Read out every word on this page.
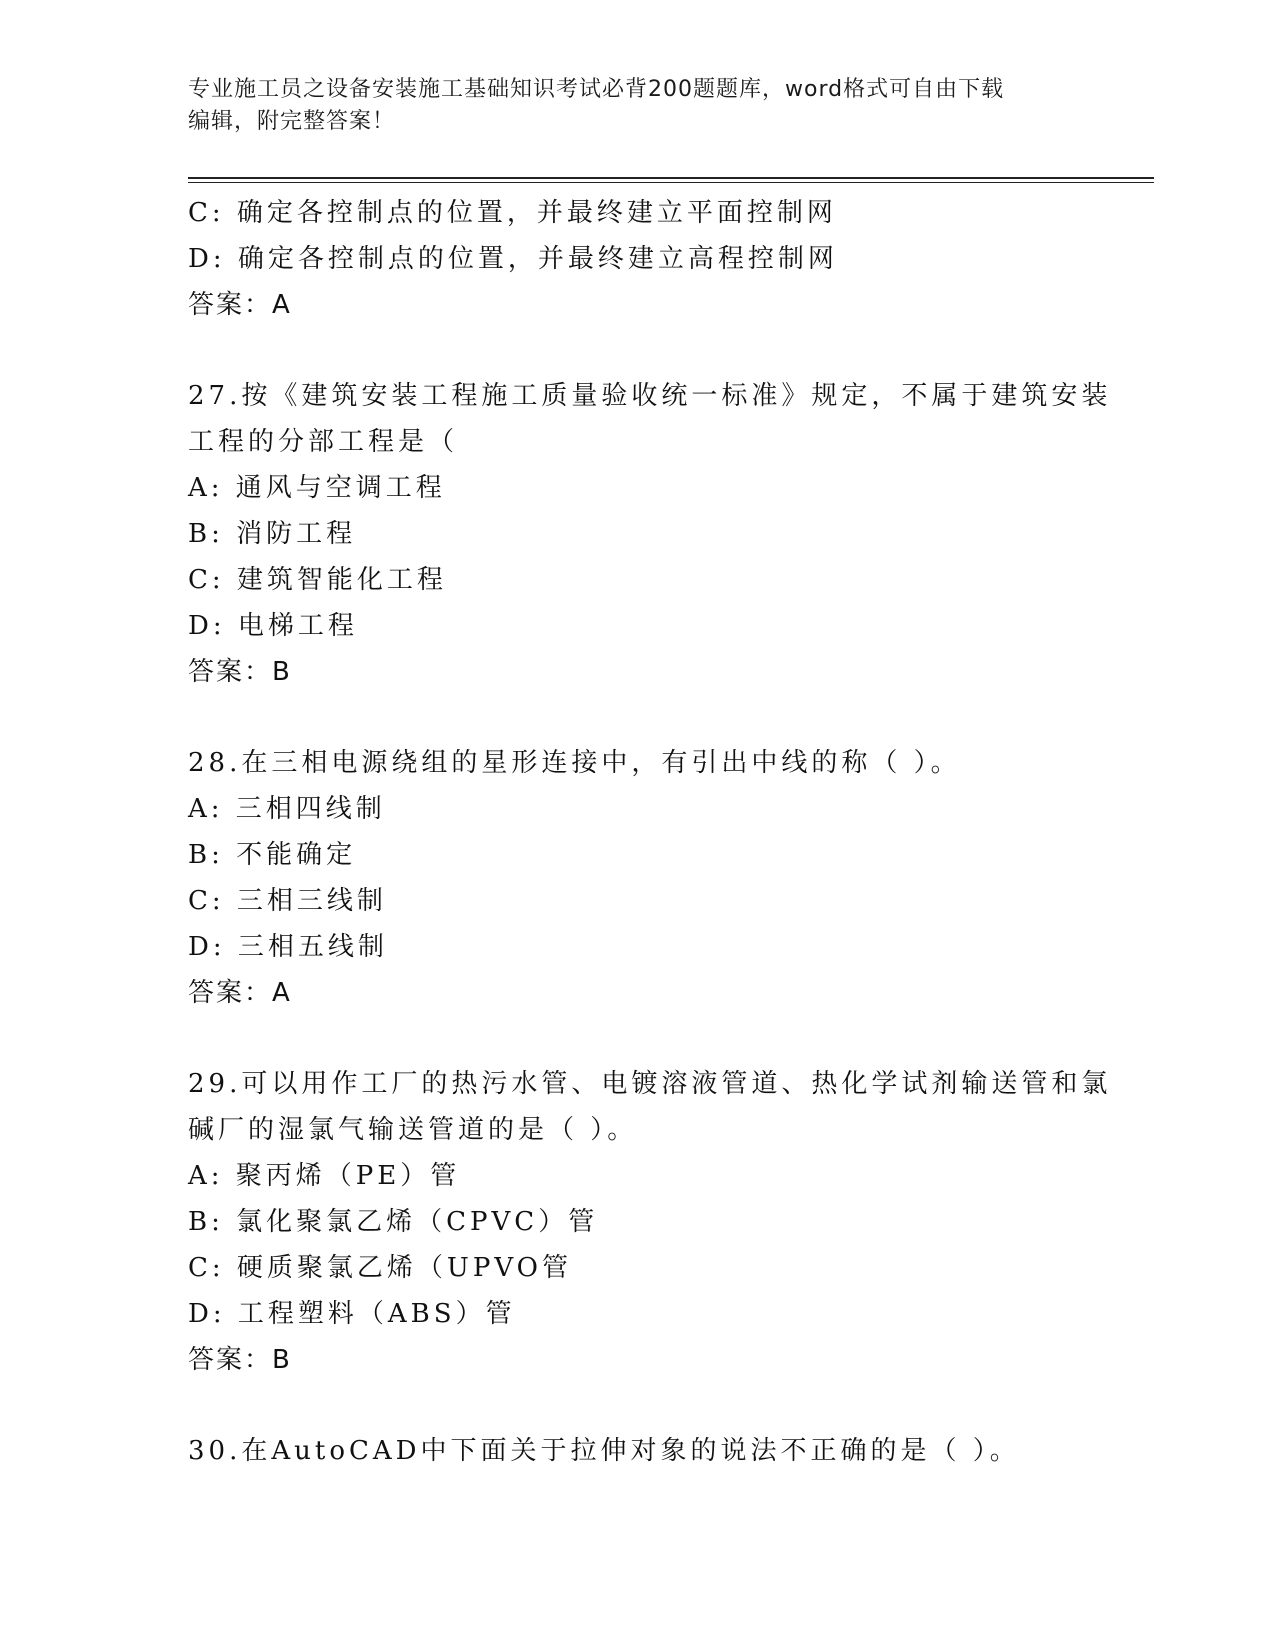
专业施工员之设备安装施工基础知识考试必背200题题库，word格式可自由下载
编辑，附完整答案！
C: 确定各控制点的位置，并最终建立平面控制网
D: 确定各控制点的位置，并最终建立高程控制网
答案：A
27.按《建筑安装工程施工质量验收统一标准》规定，不属于建筑安装
工程的分部工程是（
A: 通风与空调工程
B: 消防工程
C: 建筑智能化工程
D: 电梯工程
答案：B
28.在三相电源绕组的星形连接中，有引出中线的称（ ）。
A: 三相四线制
B: 不能确定
C: 三相三线制
D: 三相五线制
答案：A
29.可以用作工厂的热污水管、电镀溶液管道、热化学试剂输送管和氯
碱厂的湿氯气输送管道的是（ ）。
A: 聚丙烯（PE）管
B: 氯化聚氯乙烯（CPVC）管
C: 硬质聚氯乙烯（UPVO管
D: 工程塑料（ABS）管
答案：B
30.在AutoCAD中下面关于拉伸对象的说法不正确的是（ ）。
